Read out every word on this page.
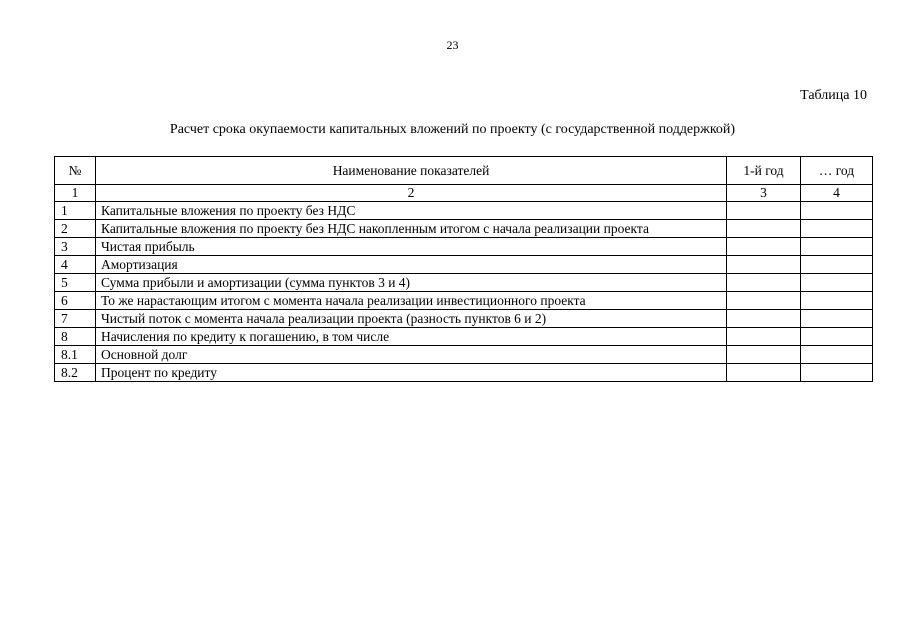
23
Таблица 10
Расчет срока окупаемости капитальных вложений по проекту (с государственной поддержкой)
№	Наименование показателей	1-й год	… год
1	2	3	4
1	Капитальные вложения по проекту без НДС		
2	Капитальные вложения по проекту без НДС накопленным итогом с начала реализации проекта		
3	Чистая прибыль		
4	Амортизация		
5	Сумма прибыли и амортизации (сумма пунктов 3 и 4)		
6	То же нарастающим итогом с момента начала реализации инвестиционного проекта		
7	Чистый поток с момента начала реализации проекта (разность пунктов 6 и 2)		
8	Начисления по кредиту к погашению, в том числе		
8.1	Основной долг		
8.2	Процент по кредиту		
